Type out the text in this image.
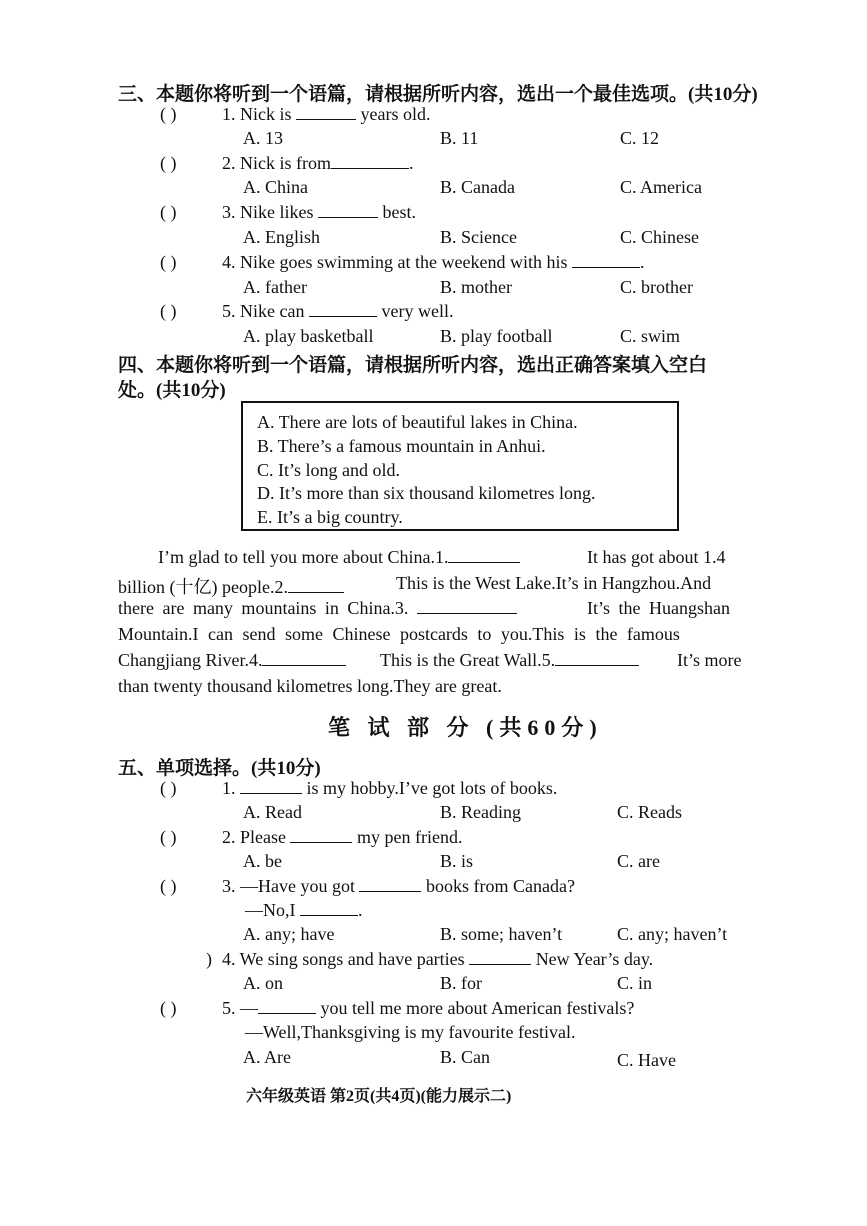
三、本题你将听到一个语篇，请根据所听内容，选出一个最佳选项。(共10分)
( )	1. Nick is	years old.
A. 13	B. 11	C. 12
( )	2. Nick is from	.
A. China	B. Canada	C. America
( )	3. Nike likes	best.
A. English	B. Science	C. Chinese
( )	4. Nike goes swimming at the weekend with his	.
A. father	B. mother	C. brother
( )	5. Nike can	very well.
A. play basketball	B. play football	C. swim
四、本题你将听到一个语篇，请根据所听内容，选出正确答案填入空白
处。(共10分)
A. There are lots of beautiful lakes in China.
B. There’s a famous mountain in Anhui.
C. It’s long and old.
D. It’s more than six thousand kilometres long.
E. It’s a big country.
I’m glad to tell you more about China.1.	It has got about 1.4
billion (十亿) people.2.	This is the West Lake.It’s in Hangzhou.And
there are many mountains in China.3.	It’s the Huangshan
Mountain.I can send some Chinese postcards to you.This is the famous
Changjiang River.4.	This is the Great Wall.5.	It’s more
than twenty thousand kilometres long.They are great.
笔 试 部 分 (共60分)
五、单项选择。(共10分)
( )	1.	is my hobby.I’ve got lots of books.
A. Read	B. Reading	C. Reads
( )	2. Please	my pen friend.
A. be	B. is	C. are
( )	3. —Have you got	books from Canada?
—No,I	.
A. any; have	B. some; haven’t	C. any; haven’t
) 4. We sing songs and have parties	New Year’s day.
A. on	B. for	C. in
( )	5. —	you tell me more about American festivals?
—Well,Thanksgiving is my favourite festival.
A. Are	B. Can	C. Have
六年级英语 第2页(共4页)(能力展示二)
